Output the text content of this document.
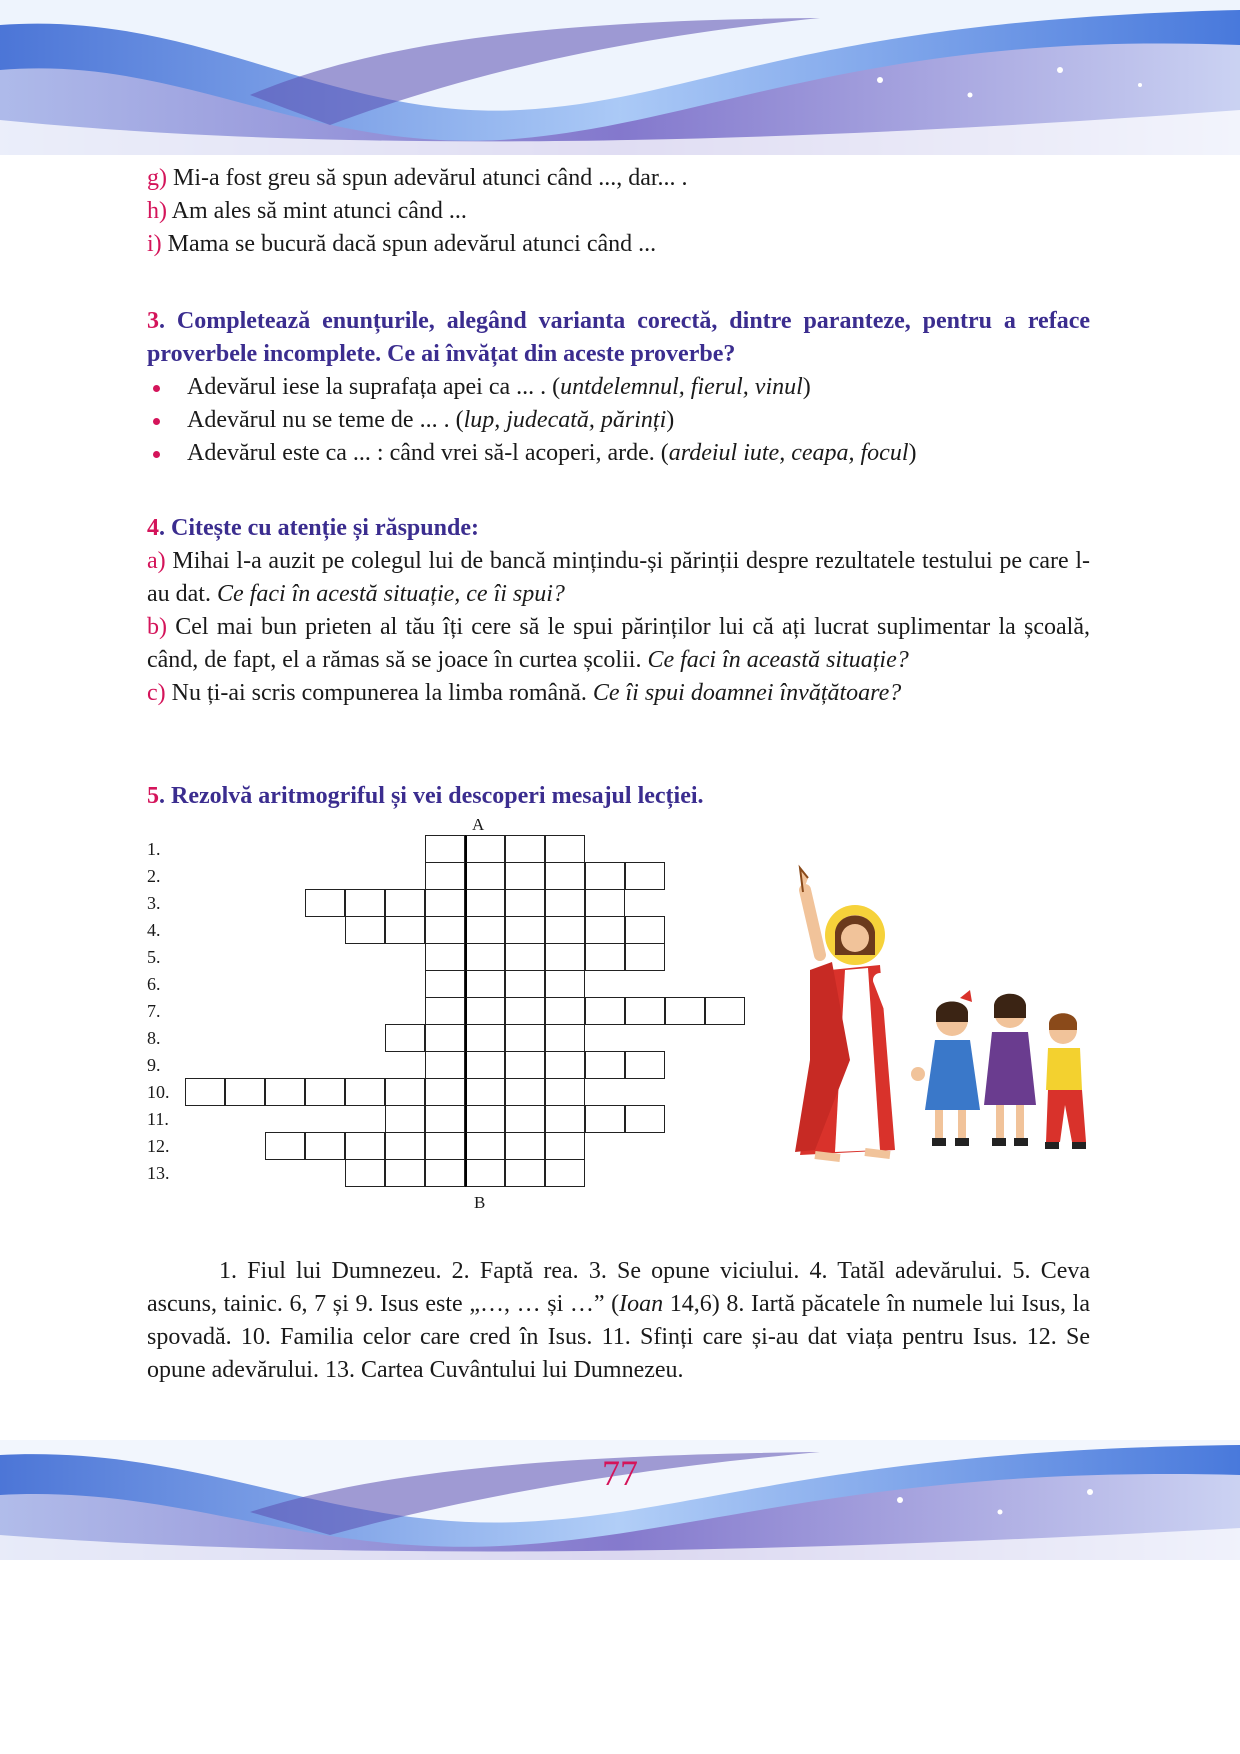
g) Mi-a fost greu să spun adevărul atunci când ..., dar... .

h) Am ales să mint atunci când ...

i) Mama se bucură dacă spun adevărul atunci când ...

3. Completează enunțurile, alegând varianta corectă, dintre paranteze, pentru a reface proverbele incomplete. Ce ai învățat din aceste proverbe?

Adevărul iese la suprafața apei ca ... . (untdelemnul, fierul, vinul)
Adevărul nu se teme de ... . (lup, judecată, părinți)
Adevărul este ca ... : când vrei să-l acoperi, arde. (ardeiul iute, ceapa, focul)

4. Citește cu atenție și răspunde:

a) Mihai l-a auzit pe colegul lui de bancă mințindu-și părinții despre rezultatele testului pe care l-au dat. Ce faci în acestă situație, ce îi spui?

b) Cel mai bun prieten al tău îți cere să le spui părinților lui că ați lucrat suplimentar la școală, când, de fapt, el a rămas să se joace în curtea școlii. Ce faci în această situație?

c) Nu ți-ai scris compunerea la limba română. Ce îi spui doamnei învățătoare?

5. Rezolvă aritmogriful și vei descoperi mesajul lecției.

A
B
1.
2.
3.
4.
5.
6.
7.
8.
9.
10.
11.
12.
13.
1. Fiul lui Dumnezeu. 2. Faptă rea. 3. Se opune viciului. 4. Tatăl adevărului. 5. Ceva ascuns, tainic. 6, 7 și 9. Isus este „…, … și …” (Ioan 14,6) 8. Iartă păcatele în numele lui Isus, la spovadă. 10. Familia celor care cred în Isus. 11. Sfinți care și-au dat viața pentru Isus. 12. Se opune adevărului. 13. Cartea Cuvântului lui Dumnezeu.
77
